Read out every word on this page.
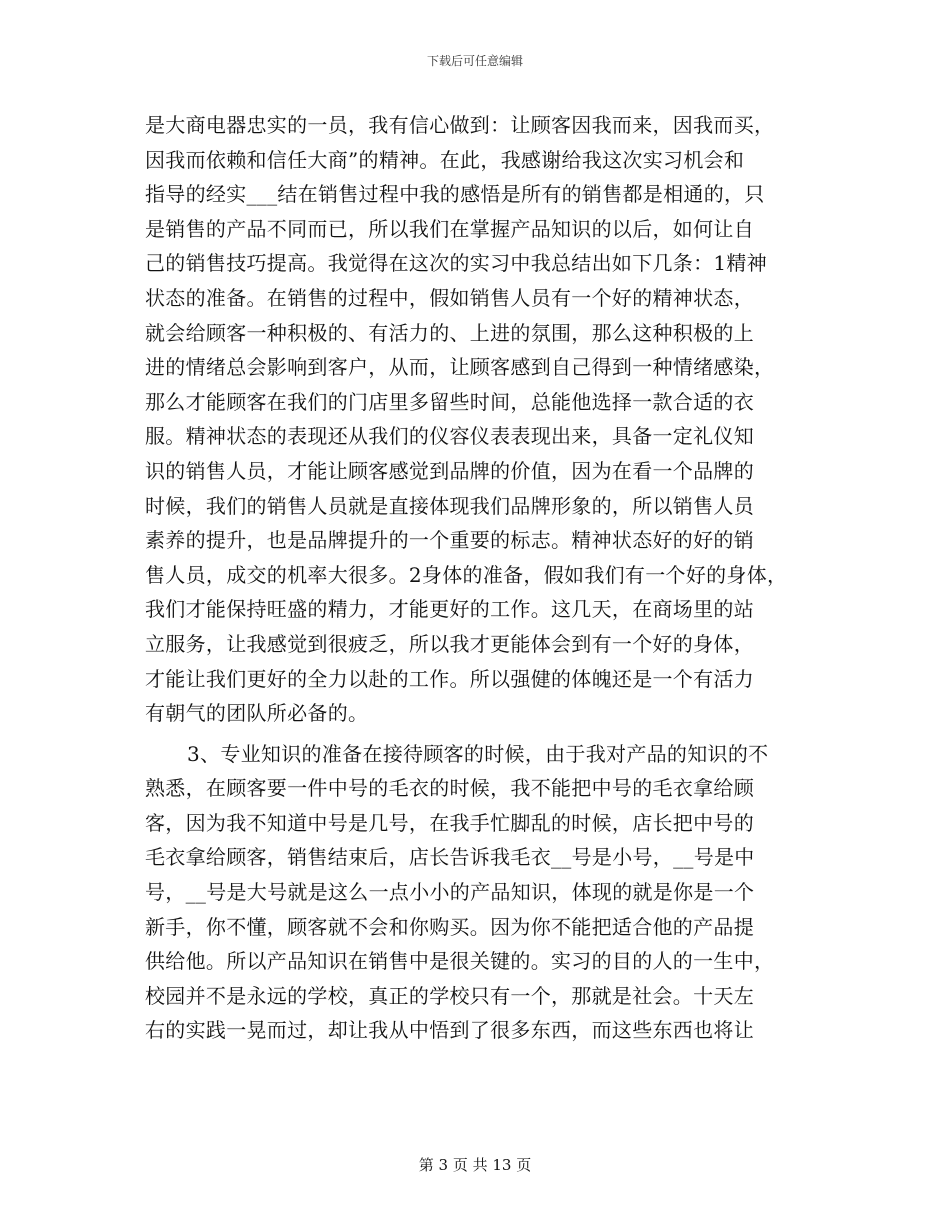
下载后可任意编辑
是大商电器忠实的一员，我有信心做到：让顾客因我而来，因我而买，
因我而依赖和信任大商”的精神。在此，我感谢给我这次实习机会和
指导的经实___结在销售过程中我的感悟是所有的销售都是相通的，只
是销售的产品不同而已，所以我们在掌握产品知识的以后，如何让自
己的销售技巧提高。我觉得在这次的实习中我总结出如下几条：1精神
状态的准备。在销售的过程中，假如销售人员有一个好的精神状态，
就会给顾客一种积极的、有活力的、上进的氛围，那么这种积极的上
进的情绪总会影响到客户，从而，让顾客感到自己得到一种情绪感染，
那么才能顾客在我们的门店里多留些时间，总能他选择一款合适的衣
服。精神状态的表现还从我们的仪容仪表表现出来，具备一定礼仪知
识的销售人员，才能让顾客感觉到品牌的价值，因为在看一个品牌的
时候，我们的销售人员就是直接体现我们品牌形象的，所以销售人员
素养的提升，也是品牌提升的一个重要的标志。精神状态好的好的销
售人员，成交的机率大很多。2身体的准备，假如我们有一个好的身体，
我们才能保持旺盛的精力，才能更好的工作。这几天，在商场里的站
立服务，让我感觉到很疲乏，所以我才更能体会到有一个好的身体，
才能让我们更好的全力以赴的工作。所以强健的体魄还是一个有活力
有朝气的团队所必备的。
3、专业知识的准备在接待顾客的时候，由于我对产品的知识的不
熟悉，在顾客要一件中号的毛衣的时候，我不能把中号的毛衣拿给顾
客，因为我不知道中号是几号，在我手忙脚乱的时候，店长把中号的
毛衣拿给顾客，销售结束后，店长告诉我毛衣__号是小号，__号是中
号，__号是大号就是这么一点小小的产品知识，体现的就是你是一个
新手，你不懂，顾客就不会和你购买。因为你不能把适合他的产品提
供给他。所以产品知识在销售中是很关键的。实习的目的人的一生中，
校园并不是永远的学校，真正的学校只有一个，那就是社会。十天左
右的实践一晃而过，却让我从中悟到了很多东西，而这些东西也将让
第 3 页 共 13 页
